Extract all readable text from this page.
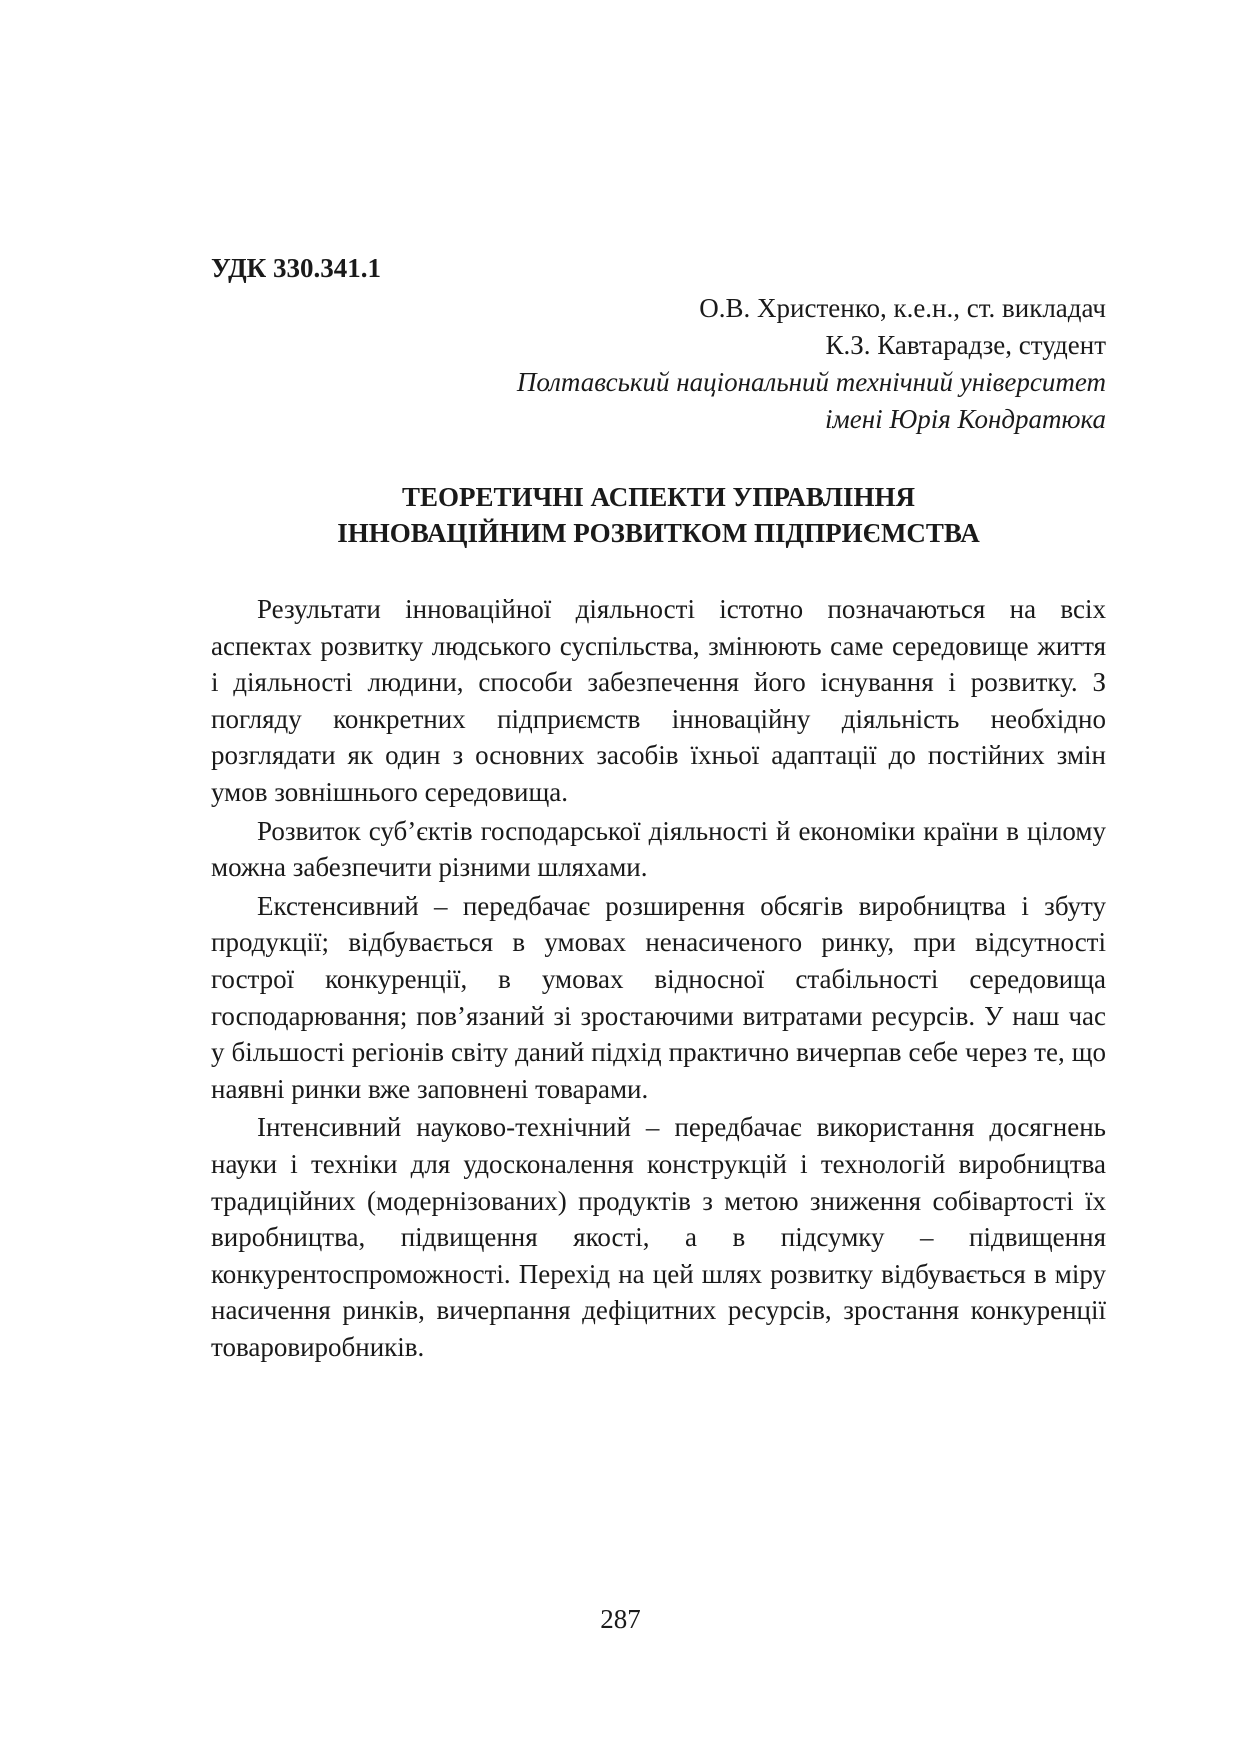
УДК 330.341.1
О.В. Христенко, к.е.н., ст. викладач
К.З. Кавтарадзе, студент
Полтавський національний технічний університет
імені Юрія Кондратюка
ТЕОРЕТИЧНІ АСПЕКТИ УПРАВЛІННЯ
ІННОВАЦІЙНИМ РОЗВИТКОМ ПІДПРИЄМСТВА

Результати інноваційної діяльності істотно позначаються на всіх аспектах розвитку людського суспільства, змінюють саме середовище життя і діяльності людини, способи забезпечення його існування і розвитку. З погляду конкретних підприємств інноваційну діяльність необхідно розглядати як один з основних засобів їхньої адаптації до постійних змін умов зовнішнього середовища.

Розвиток суб’єктів господарської діяльності й економіки країни в цілому можна забезпечити різними шляхами.

Екстенсивний – передбачає розширення обсягів виробництва і збуту продукції; відбувається в умовах ненасиченого ринку, при відсутності гострої конкуренції, в умовах відносної стабільності середовища господарювання; пов’язаний зі зростаючими витратами ресурсів. У наш час у більшості регіонів світу даний підхід практично вичерпав себе через те, що наявні ринки вже заповнені товарами.

Інтенсивний науково-технічний – передбачає використання досягнень науки і техніки для удосконалення конструкцій і технологій виробництва традиційних (модернізованих) продуктів з метою зниження собівартості їх виробництва, підвищення якості, а в підсумку – підвищення конкурентоспроможності. Перехід на цей шлях розвитку відбувається в міру насичення ринків, вичерпання дефіцитних ресурсів, зростання конкуренції товаровиробників.

287
